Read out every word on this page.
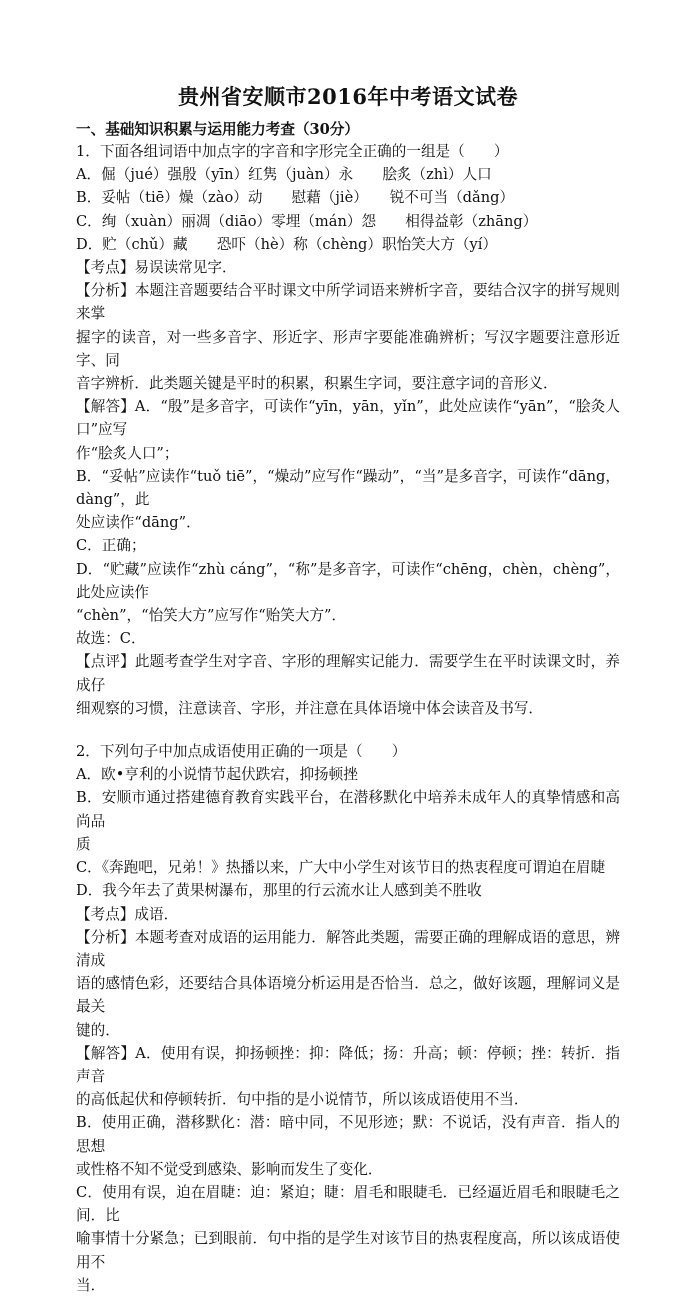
贵州省安顺市2016年中考语文试卷

一、基础知识积累与运用能力考查（30分）

1．下面各组词语中加点字的字音和字形完全正确的一组是（　　）

A．倔（jué）强殷（yīn）红隽（juàn）永　　脍炙（zhì）人口

B．妥帖（tiē）燥（zào）动　　慰藉（jiè）　　锐不可当（dǎng）

C．绚（xuàn）丽凋（diāo）零埋（mán）怨　　相得益彰（zhāng）

D．贮（chǔ）藏　　恐吓（hè）称（chèng）职怡笑大方（yí）

【考点】易误读常见字．

【分析】本题注音题要结合平时课文中所学词语来辨析字音，要结合汉字的拼写规则来掌

握字的读音，对一些多音字、形近字、形声字要能准确辨析；写汉字题要注意形近字、同

音字辨析．此类题关键是平时的积累，积累生字词，要注意字词的音形义．

【解答】A．“殷”是多音字，可读作“yīn，yān，yǐn”，此处应读作“yān”，“脍灸人口”应写

作“脍炙人口”；

B．“妥帖”应读作“tuǒ tiē”，“燥动”应写作“躁动”，“当”是多音字，可读作“dāng，dàng”，此

处应读作“dāng”．

C．正确；

D．“贮藏”应读作“zhù cáng”，“称”是多音字，可读作“chēng，chèn，chèng”，此处应读作

“chèn”，“怡笑大方”应写作“贻笑大方”．

故选：C．

【点评】此题考查学生对字音、字形的理解实记能力．需要学生在平时读课文时，养成仔

细观察的习惯，注意读音、字形，并注意在具体语境中体会读音及书写．

2．下列句子中加点成语使用正确的一项是（　　）

A．欧•亨利的小说情节起伏跌宕，抑扬顿挫

B．安顺市通过搭建德育教育实践平台，在潜移默化中培养未成年人的真挚情感和高尚品

质

C．《奔跑吧，兄弟！》热播以来，广大中小学生对该节日的热衷程度可谓迫在眉睫

D．我今年去了黄果树瀑布，那里的行云流水让人感到美不胜收

【考点】成语．

【分析】本题考查对成语的运用能力．解答此类题，需要正确的理解成语的意思，辨清成

语的感情色彩，还要结合具体语境分析运用是否恰当．总之，做好该题，理解词义是最关

键的．

【解答】A．使用有误，抑扬顿挫：抑：降低；扬：升高；顿：停顿；挫：转折．指声音

的高低起伏和停顿转折．句中指的是小说情节，所以该成语使用不当．

B．使用正确，潜移默化：潜：暗中同，不见形迹；默：不说话，没有声音．指人的思想

或性格不知不觉受到感染、影响而发生了变化．

C．使用有误，迫在眉睫：迫：紧迫；睫：眉毛和眼睫毛．已经逼近眉毛和眼睫毛之间．比

喻事情十分紧急；已到眼前．句中指的是学生对该节目的热衷程度高，所以该成语使用不

当．
